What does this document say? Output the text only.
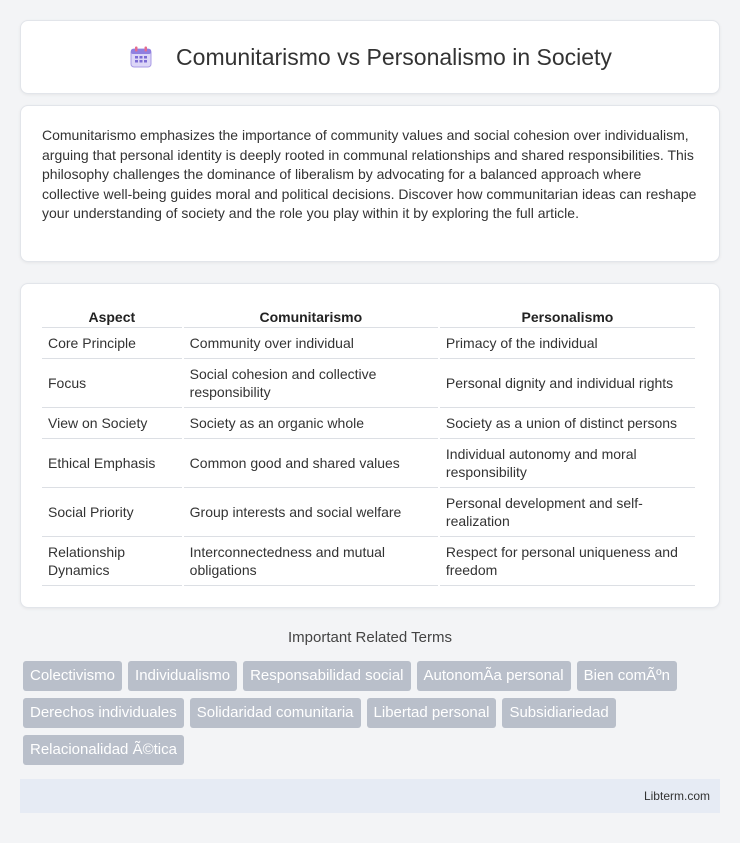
Comunitarismo vs Personalismo in Society

Comunitarismo emphasizes the importance of community values and social cohesion over individualism, arguing that personal identity is deeply rooted in communal relationships and shared responsibilities. This philosophy challenges the dominance of liberalism by advocating for a balanced approach where collective well-being guides moral and political decisions. Discover how communitarian ideas can reshape your understanding of society and the role you play within it by exploring the full article.

Aspect	Comunitarismo	Personalismo
Core Principle	Community over individual	Primacy of the individual
Focus	Social cohesion and collective responsibility	Personal dignity and individual rights
View on Society	Society as an organic whole	Society as a union of distinct persons
Ethical Emphasis	Common good and shared values	Individual autonomy and moral responsibility
Social Priority	Group interests and social welfare	Personal development and self-realization
Relationship Dynamics	Interconnectedness and mutual obligations	Respect for personal uniqueness and freedom
Important Related Terms
Colectivismo	Individualismo	Responsabilidad social	AutonomÃa personal	Bien comÃºn
Derechos individuales	Solidaridad comunitaria	Libertad personal	Subsidiariedad
Relacionalidad Ã©tica
Libterm.com
